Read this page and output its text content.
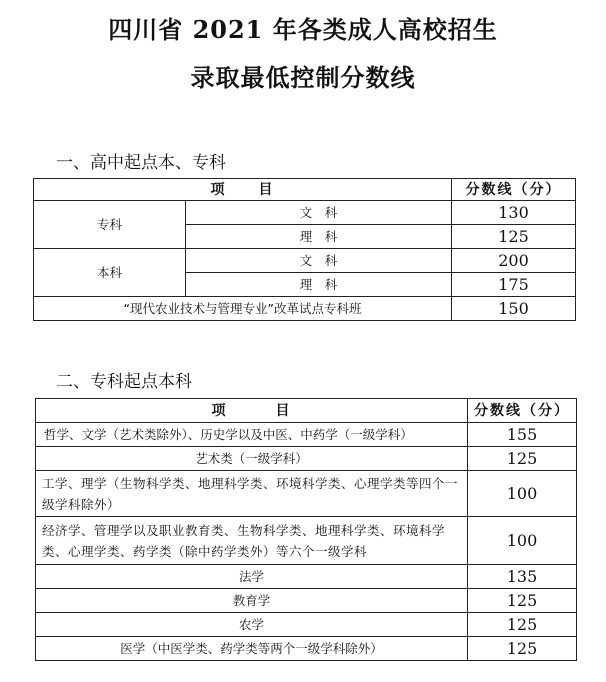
四川省 2021 年各类成人高校招生
录取最低控制分数线
一、高中起点本、专科
项　　目		分数线（分）
专科	文　科	130
	理　科	125
本科	文　科	200
	理　科	175
“现代农业技术与管理专业”改革试点专科班		150
二、专科起点本科
项　　　目	分数线（分）
哲学、文学（艺术类除外）、历史学以及中医、中药学（一级学科）	155
艺术类（一级学科）	125
工学、理学（生物科学类、地理科学类、环境科学类、心理学类等四个一级学科除外）	100
经济学、管理学以及职业教育类、生物科学类、地理科学类、环境科学类、心理学类、药学类（除中药学类外）等六个一级学科	100
法学	135
教育学	125
农学	125
医学（中医学类、药学类等两个一级学科除外）	125
